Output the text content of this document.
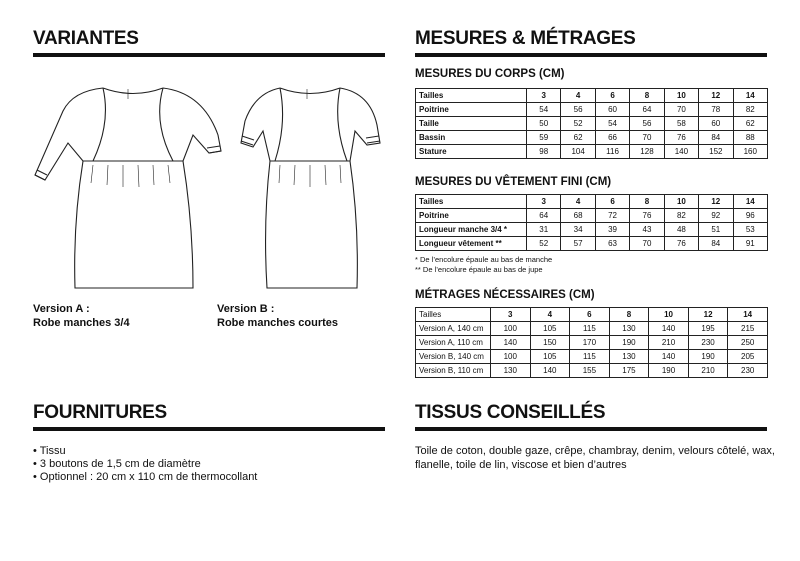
VARIANTES
Version A :
Robe manches 3/4
Version B :
Robe manches courtes
MESURES & MÉTRAGES
MESURES DU CORPS (CM)
Tailles	3	4	6	8	10	12	14
Poitrine	54	56	60	64	70	78	82
Taille	50	52	54	56	58	60	62
Bassin	59	62	66	70	76	84	88
Stature	98	104	116	128	140	152	160
MESURES DU VÊTEMENT FINI (CM)
Tailles	3	4	6	8	10	12	14
Poitrine	64	68	72	76	82	92	96
Longueur manche 3/4 *	31	34	39	43	48	51	53
Longueur vêtement **	52	57	63	70	76	84	91
* De l’encolure épaule au bas de manche
** De l’encolure épaule au bas de jupe
MÉTRAGES NÉCESSAIRES (CM)
Tailles	3	4	6	8	10	12	14
Version A, 140 cm	100	105	115	130	140	195	215
Version A, 110 cm	140	150	170	190	210	230	250
Version B, 140 cm	100	105	115	130	140	190	205
Version B, 110 cm	130	140	155	175	190	210	230
FOURNITURES
• Tissu
• 3 boutons de 1,5 cm de diamètre
• Optionnel : 20 cm x 110 cm de thermocollant
TISSUS CONSEILLÉS
Toile de coton, double gaze, crêpe, chambray, denim, velours côtelé, wax,
flanelle, toile de lin, viscose et bien d’autres
